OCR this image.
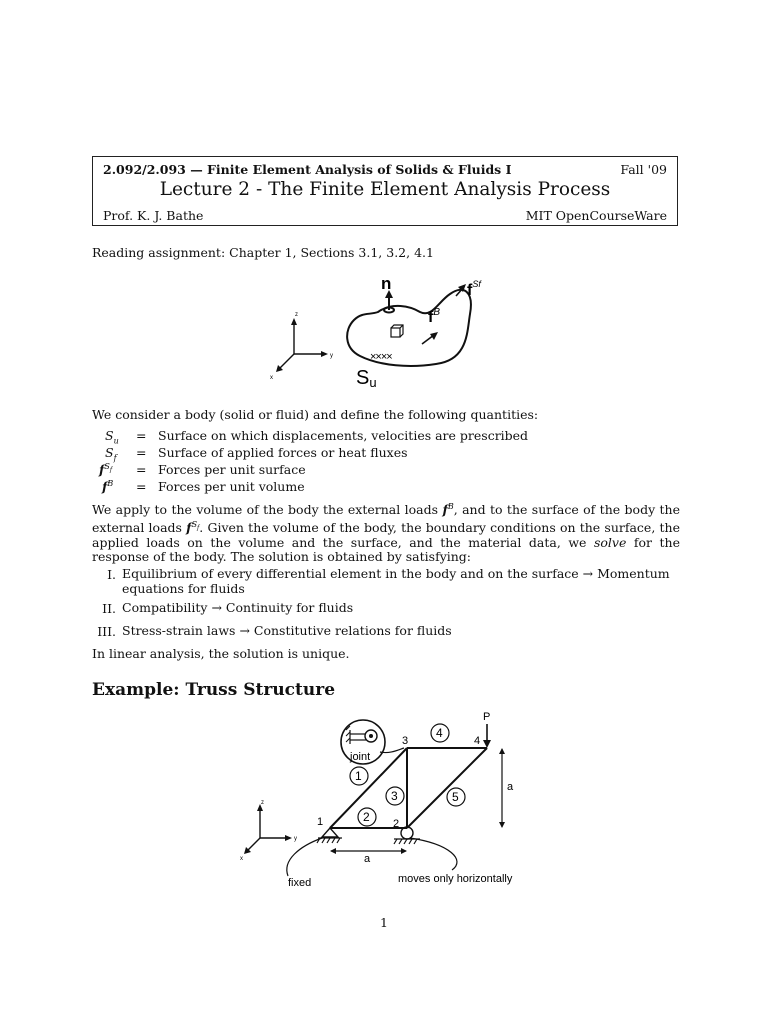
2.092/2.093 — Finite Element Analysis of Solids & Fluids I	Fall '09
Lecture 2 - The Finite Element Analysis Process
Prof. K. J. Bathe	MIT OpenCourseWare
Reading assignment: Chapter 1, Sections 3.1, 3.2, 4.1
z
y
x
n	$f^{Sf}$
$f^B$
××××
Su
We consider a body (solid or fluid) and define the following quantities:
$S_u$ = Surface on which displacements, velocities are prescribed
$S_f$ = Surface of applied forces or heat fluxes
$f^{S_f}$ = Forces per unit surface
$f^B$ = Forces per unit volume
We apply to the volume of the body the external loads $f^B$, and to the surface of the body the external loads $f^{S_f}$. Given the volume of the body, the boundary conditions on the surface, the applied loads on the volume and the surface, and the material data, we solve for the response of the body. The solution is obtained by satisfying:
I. Equilibrium of every differential element in the body and on the surface → Momentum equations for fluids
II. Compatibility → Continuity for fluids
III. Stress-strain laws → Constitutive relations for fluids
In linear analysis, the solution is unique.
Example: Truss Structure
z
y
x
joint
P
1	2
3	4
1
2
3
4
5
a
a
fixed	moves only horizontally
1
